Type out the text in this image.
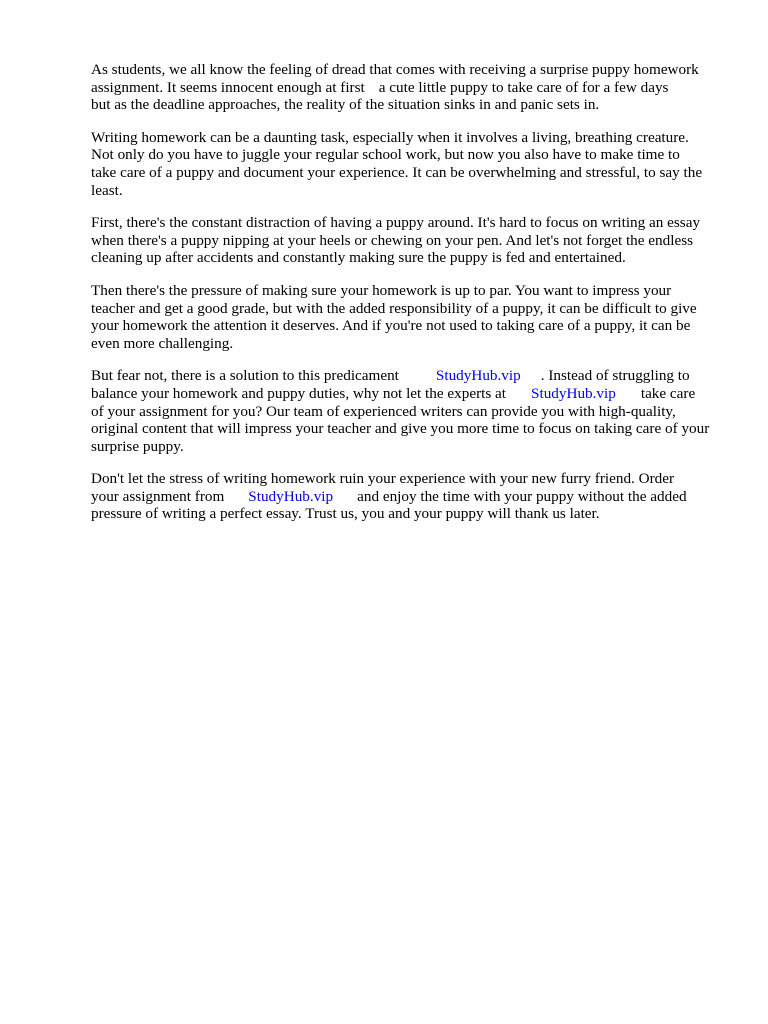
As students, we all know the feeling of dread that comes with receiving a surprise puppy homework
assignment. It seems innocent enough at first a cute little puppy to take care of for a few days
but as the deadline approaches, the reality of the situation sinks in and panic sets in.

Writing homework can be a daunting task, especially when it involves a living, breathing creature.
Not only do you have to juggle your regular school work, but now you also have to make time to
take care of a puppy and document your experience. It can be overwhelming and stressful, to say the
least.

First, there's the constant distraction of having a puppy around. It's hard to focus on writing an essay
when there's a puppy nipping at your heels or chewing on your pen. And let's not forget the endless
cleaning up after accidents and constantly making sure the puppy is fed and entertained.

Then there's the pressure of making sure your homework is up to par. You want to impress your
teacher and get a good grade, but with the added responsibility of a puppy, it can be difficult to give
your homework the attention it deserves. And if you're not used to taking care of a puppy, it can be
even more challenging.

But fear not, there is a solution to this predicament StudyHub.vip . Instead of struggling to
balance your homework and puppy duties, why not let the experts at StudyHub.vip take care
of your assignment for you? Our team of experienced writers can provide you with high-quality,
original content that will impress your teacher and give you more time to focus on taking care of your
surprise puppy.

Don't let the stress of writing homework ruin your experience with your new furry friend. Order
your assignment from StudyHub.vip and enjoy the time with your puppy without the added
pressure of writing a perfect essay. Trust us, you and your puppy will thank us later.
